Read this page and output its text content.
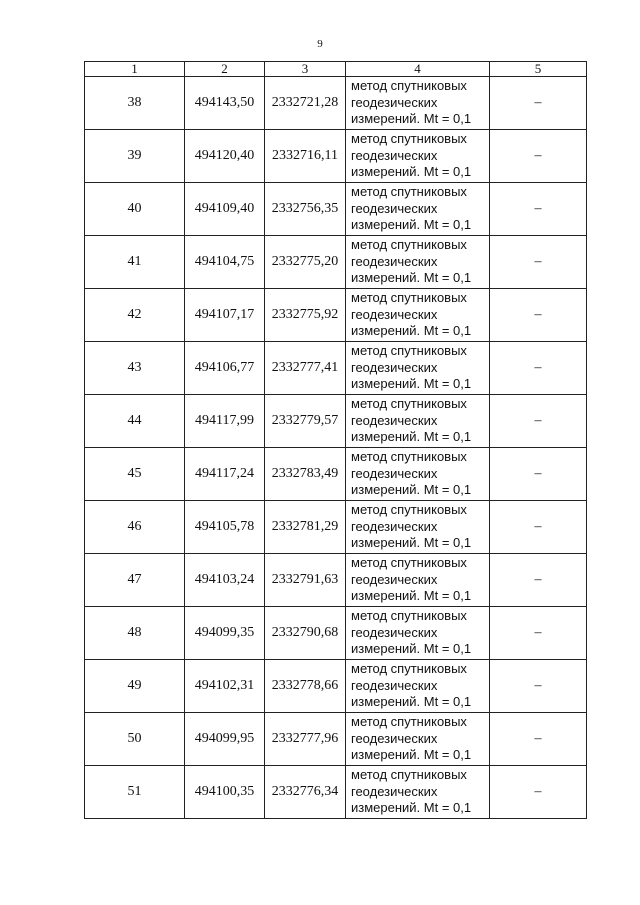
9
1	2	3	4	5
38	494143,50	2332721,28	метод спутниковых
геодезических
измерений. Mt = 0,1	–
39	494120,40	2332716,11	метод спутниковых
геодезических
измерений. Mt = 0,1	–
40	494109,40	2332756,35	метод спутниковых
геодезических
измерений. Mt = 0,1	–
41	494104,75	2332775,20	метод спутниковых
геодезических
измерений. Mt = 0,1	–
42	494107,17	2332775,92	метод спутниковых
геодезических
измерений. Mt = 0,1	–
43	494106,77	2332777,41	метод спутниковых
геодезических
измерений. Mt = 0,1	–
44	494117,99	2332779,57	метод спутниковых
геодезических
измерений. Mt = 0,1	–
45	494117,24	2332783,49	метод спутниковых
геодезических
измерений. Mt = 0,1	–
46	494105,78	2332781,29	метод спутниковых
геодезических
измерений. Mt = 0,1	–
47	494103,24	2332791,63	метод спутниковых
геодезических
измерений. Mt = 0,1	–
48	494099,35	2332790,68	метод спутниковых
геодезических
измерений. Mt = 0,1	–
49	494102,31	2332778,66	метод спутниковых
геодезических
измерений. Mt = 0,1	–
50	494099,95	2332777,96	метод спутниковых
геодезических
измерений. Mt = 0,1	–
51	494100,35	2332776,34	метод спутниковых
геодезических
измерений. Mt = 0,1	–
